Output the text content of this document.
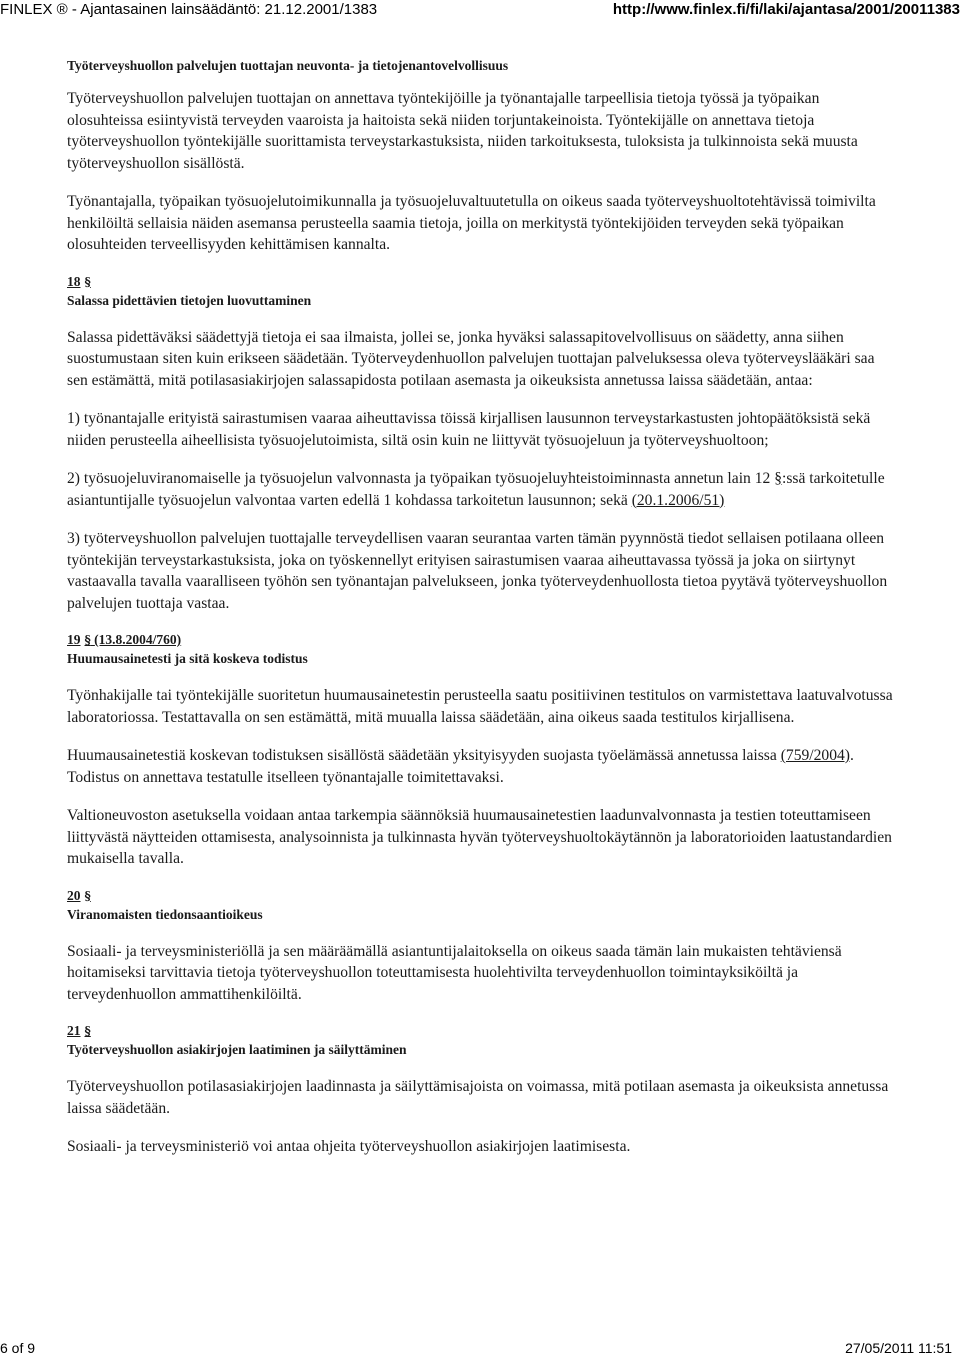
FINLEX ® - Ajantasainen lainsäädäntö: 21.12.2001/1383	http://www.finlex.fi/fi/laki/ajantasa/2001/20011383
Työterveyshuollon palvelujen tuottajan neuvonta- ja tietojenantovelvollisuus

Työterveyshuollon palvelujen tuottajan on annettava työntekijöille ja työnantajalle tarpeellisia tietoja työssä ja työpaikan olosuhteissa esiintyvistä terveyden vaaroista ja haitoista sekä niiden torjuntakeinoista. Työntekijälle on annettava tietoja työterveyshuollon työntekijälle suorittamista terveystarkastuksista, niiden tarkoituksesta, tuloksista ja tulkinnoista sekä muusta työterveyshuollon sisällöstä.

Työnantajalla, työpaikan työsuojelutoimikunnalla ja työsuojeluvaltuutetulla on oikeus saada työterveyshuoltotehtävissä toimivilta henkilöiltä sellaisia näiden asemansa perusteella saamia tietoja, joilla on merkitystä työntekijöiden terveyden sekä työpaikan olosuhteiden terveellisyyden kehittämisen kannalta.

18 §
Salassa pidettävien tietojen luovuttaminen

Salassa pidettäväksi säädettyjä tietoja ei saa ilmaista, jollei se, jonka hyväksi salassapitovelvollisuus on säädetty, anna siihen suostumustaan siten kuin erikseen säädetään. Työterveydenhuollon palvelujen tuottajan palveluksessa oleva työterveyslääkäri saa sen estämättä, mitä potilasasiakirjojen salassapidosta potilaan asemasta ja oikeuksista annetussa laissa säädetään, antaa:

1) työnantajalle erityistä sairastumisen vaaraa aiheuttavissa töissä kirjallisen lausunnon terveystarkastusten johtopäätöksistä sekä niiden perusteella aiheellisista työsuojelutoimista, siltä osin kuin ne liittyvät työsuojeluun ja työterveyshuoltoon;

2) työsuojeluviranomaiselle ja työsuojelun valvonnasta ja työpaikan työsuojeluyhteistoiminnasta annetun lain 12 §:ssä tarkoitetulle asiantuntijalle työsuojelun valvontaa varten edellä 1 kohdassa tarkoitetun lausunnon; sekä (20.1.2006/51)

3) työterveyshuollon palvelujen tuottajalle terveydellisen vaaran seurantaa varten tämän pyynnöstä tiedot sellaisen potilaana olleen työntekijän terveystarkastuksista, joka on työskennellyt erityisen sairastumisen vaaraa aiheuttavassa työssä ja joka on siirtynyt vastaavalla tavalla vaaralliseen työhön sen työnantajan palvelukseen, jonka työterveydenhuollosta tietoa pyytävä työterveyshuollon palvelujen tuottaja vastaa.

19 § (13.8.2004/760)
Huumausainetesti ja sitä koskeva todistus

Työnhakijalle tai työntekijälle suoritetun huumausainetestin perusteella saatu positiivinen testitulos on varmistettava laatuvalvotussa laboratoriossa. Testattavalla on sen estämättä, mitä muualla laissa säädetään, aina oikeus saada testitulos kirjallisena.

Huumausainetestiä koskevan todistuksen sisällöstä säädetään yksityisyyden suojasta työelämässä annetussa laissa (759/2004). Todistus on annettava testatulle itselleen työnantajalle toimitettavaksi.

Valtioneuvoston asetuksella voidaan antaa tarkempia säännöksiä huumausainetestien laadunvalvonnasta ja testien toteuttamiseen liittyvästä näytteiden ottamisesta, analysoinnista ja tulkinnasta hyvän työterveyshuoltokäytännön ja laboratorioiden laatustandardien mukaisella tavalla.

20 §
Viranomaisten tiedonsaantioikeus

Sosiaali- ja terveysministeriöllä ja sen määräämällä asiantuntijalaitoksella on oikeus saada tämän lain mukaisten tehtäviensä hoitamiseksi tarvittavia tietoja työterveyshuollon toteuttamisesta huolehtivilta terveydenhuollon toimintayksiköiltä ja terveydenhuollon ammattihenkilöiltä.

21 §
Työterveyshuollon asiakirjojen laatiminen ja säilyttäminen

Työterveyshuollon potilasasiakirjojen laadinnasta ja säilyttämisajoista on voimassa, mitä potilaan asemasta ja oikeuksista annetussa laissa säädetään.

Sosiaali- ja terveysministeriö voi antaa ohjeita työterveyshuollon asiakirjojen laatimisesta.

6 of 9	27/05/2011 11:51
